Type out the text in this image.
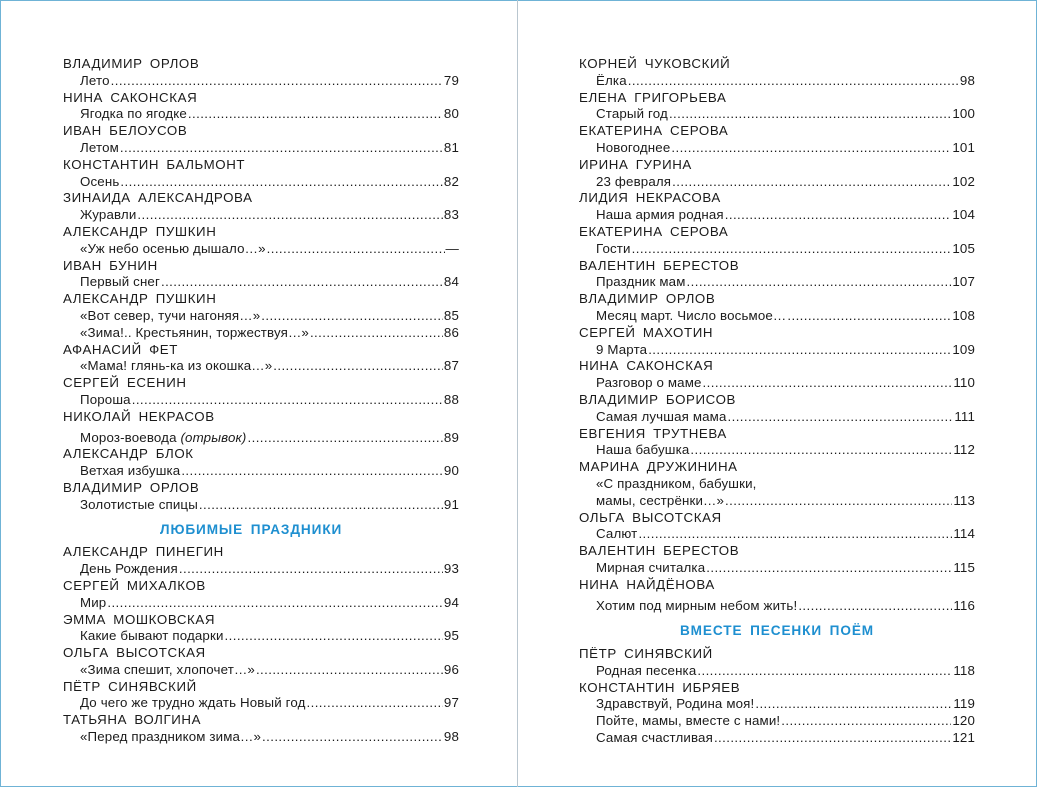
ВЛАДИМИР ОРЛОВ
Лето .....	79
НИНА САКОНСКАЯ
Ягодка по ягодке .....	80
ИВАН БЕЛОУСОВ
Летом .....	81
КОНСТАНТИН БАЛЬМОНТ
Осень .....	82
ЗИНАИДА АЛЕКСАНДРОВА
Журавли .....	83
АЛЕКСАНДР ПУШКИН
«Уж небо осенью дышало…» .....	—
ИВАН БУНИН
Первый снег .....	84
АЛЕКСАНДР ПУШКИН
«Вот север, тучи нагоняя…» .....	85
«Зима!.. Крестьянин, торжествуя…» .....	86
АФАНАСИЙ ФЕТ
«Мама! глянь-ка из окошка…» .....	87
СЕРГЕЙ ЕСЕНИН
Пороша .....	88
НИКОЛАЙ НЕКРАСОВ
Мороз-воевода (отрывок) .....	89
АЛЕКСАНДР БЛОК
Ветхая избушка .....	90
ВЛАДИМИР ОРЛОВ
Золотистые спицы .....	91
ЛЮБИМЫЕ ПРАЗДНИКИ
АЛЕКСАНДР ПИНЕГИН
День Рождения .....	93
СЕРГЕЙ МИХАЛКОВ
Мир .....	94
ЭММА МОШКОВСКАЯ
Какие бывают подарки .....	95
ОЛЬГА ВЫСОТСКАЯ
«Зима спешит, хлопочет…» .....	96
ПЁТР СИНЯВСКИЙ
До чего же трудно ждать Новый год .....	97
ТАТЬЯНА ВОЛГИНА
«Перед праздником зима…» .....	98
КОРНЕЙ ЧУКОВСКИЙ
Ёлка .....	98
ЕЛЕНА ГРИГОРЬЕВА
Старый год .....	100
ЕКАТЕРИНА СЕРОВА
Новогоднее .....	101
ИРИНА ГУРИНА
23 февраля .....	102
ЛИДИЯ НЕКРАСОВА
Наша армия родная .....	104
ЕКАТЕРИНА СЕРОВА
Гости .....	105
ВАЛЕНТИН БЕРЕСТОВ
Праздник мам .....	107
ВЛАДИМИР ОРЛОВ
Месяц март. Число восьмое… .....	108
СЕРГЕЙ МАХОТИН
9 Марта .....	109
НИНА САКОНСКАЯ
Разговор о маме .....	110
ВЛАДИМИР БОРИСОВ
Самая лучшая мама .....	111
ЕВГЕНИЯ ТРУТНЕВА
Наша бабушка .....	112
МАРИНА ДРУЖИНИНА
«С праздником, бабушки,
мамы, сестрёнки…» .....	113
ОЛЬГА ВЫСОТСКАЯ
Салют .....	114
ВАЛЕНТИН БЕРЕСТОВ
Мирная считалка .....	115
НИНА НАЙДЁНОВА
Хотим под мирным небом жить! .....	116
ВМЕСТЕ ПЕСЕНКИ ПОЁМ
ПЁТР СИНЯВСКИЙ
Родная песенка .....	118
КОНСТАНТИН ИБРЯЕВ
Здравствуй, Родина моя! .....	119
Пойте, мамы, вместе с нами! .....	120
Самая счастливая .....	121
